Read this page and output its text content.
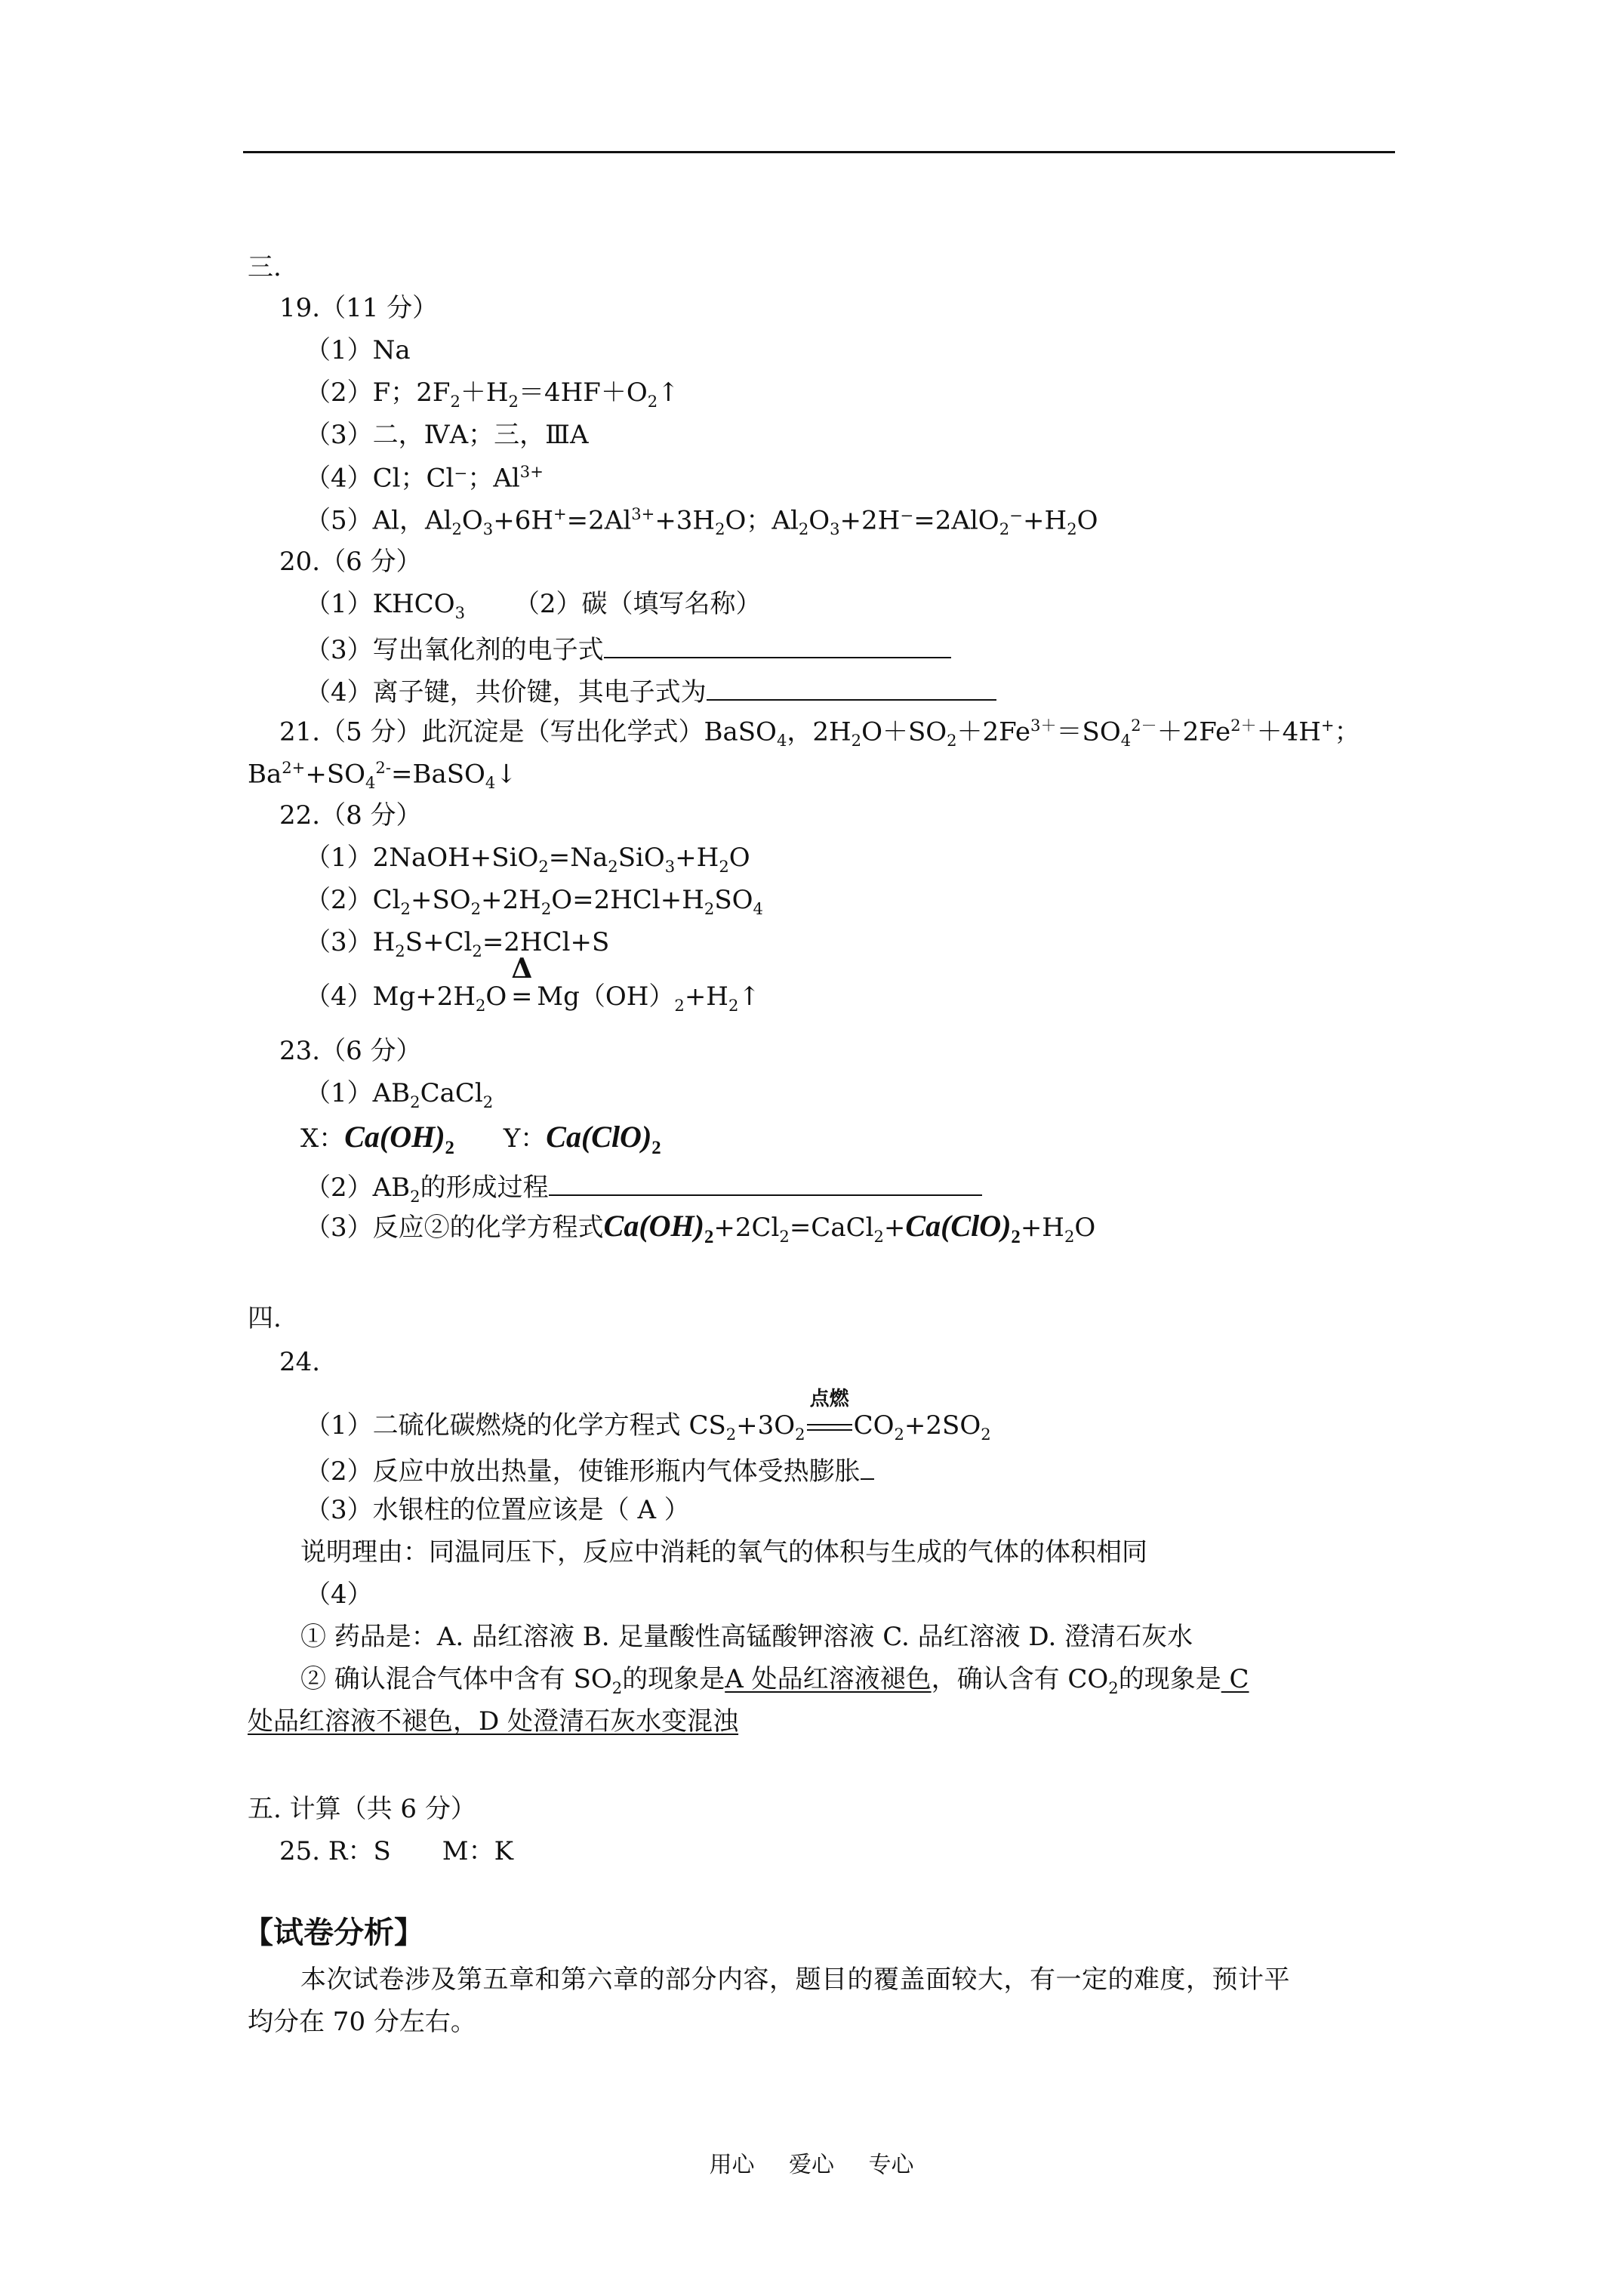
三.
19.（11 分）
（1）Na
（2）F；$2F_2+H_2=4HF+O_2↑$
（3）二，ⅣA；三，ⅢA
（4）Cl；Cl⁻；$Al^{3+}$
（5）Al，$Al_2O_3+6H^+=2Al^{3+}+3H_2O$；$Al_2O_3+2H^-=2AlO_2^-+H_2O$
20.（6 分）
$(1)KHCO_3$ （2）碳（填写名称）
（3）写出氧化剂的电子式
（4）离子键，共价键，其电子式为
21.（5 分）此沉淀是（写出化学式）BaSO$_4$，$2H_2O+SO_2+2Fe^{3+}=SO_4^{2-}+2Fe^{2+}+4H^+$；
$Ba^{2+}+SO_4^{2-}=BaSO_4↓$
22.（8 分）
$(1)2NaOH+SiO_2=Na_2SiO_3+H_2O$
$(2)Cl_2+SO_2+2H_2O=2HCl+H_2SO_4$
$(3)H_2S+Cl_2=2HCl+S$
$(4)Mg+2H_2O$
Δ
= $Mg(OH)_2+H_2↑$
23.（6 分）
$(1)AB_2CaCl_2$
X：$Ca(OH)_2$ Y：$Ca(ClO)_2$
$(2)AB_2$的形成过程
（3）反应②的化学方程式$Ca(OH)_2+2Cl_2=CaCl_2+Ca(ClO)_2+H_2O$
四.
24.
（1）二硫化碳燃烧的化学方程式 $CS_2+3O_2$
点燃
$CO_2+2SO_2$
（2）反应中放出热量，使锥形瓶内气体受热膨胀
（3）水银柱的位置应该是（ A ）
说明理由：同温同压下，反应中消耗的氧气的体积与生成的气体的体积相同
（4）
① 药品是：A. 品红溶液 B. 足量酸性高锰酸钾溶液 C. 品红溶液 D. 澄清石灰水
② 确认混合气体中含有 $SO_2$的现象是A 处品红溶液褪色，确认含有 $CO_2$的现象是 C
处品红溶液不褪色，D 处澄清石灰水变混浊
五. 计算（共 6 分）
25. R：S　　M：K
【试卷分析】
本次试卷涉及第五章和第六章的部分内容，题目的覆盖面较大，有一定的难度，预计平
均分在 70 分左右。
用心 爱心 专心
